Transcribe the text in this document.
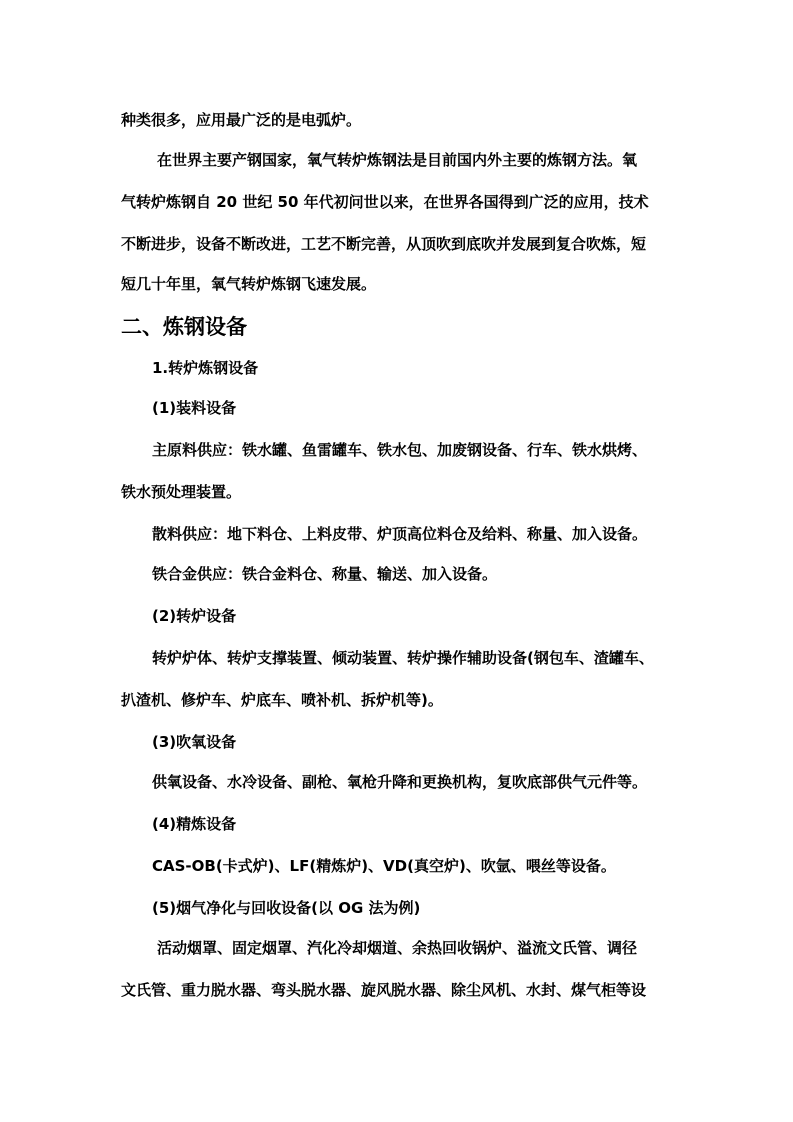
种类很多，应用最广泛的是电弧炉。
在世界主要产钢国家，氧气转炉炼钢法是目前国内外主要的炼钢方法。氧
气转炉炼钢自 20 世纪 50 年代初问世以来，在世界各国得到广泛的应用，技术
不断进步，设备不断改进，工艺不断完善，从顶吹到底吹并发展到复合吹炼，短
短几十年里，氧气转炉炼钢飞速发展。
二、炼钢设备
1.转炉炼钢设备
(1)装料设备
主原料供应：铁水罐、鱼雷罐车、铁水包、加废钢设备、行车、铁水烘烤、
铁水预处理装置。
散料供应：地下料仓、上料皮带、炉顶高位料仓及给料、称量、加入设备。
铁合金供应：铁合金料仓、称量、输送、加入设备。
(2)转炉设备
转炉炉体、转炉支撑装置、倾动装置、转炉操作辅助设备(钢包车、渣罐车、
扒渣机、修炉车、炉底车、喷补机、拆炉机等)。
(3)吹氧设备
供氧设备、水冷设备、副枪、氧枪升降和更换机构，复吹底部供气元件等。
(4)精炼设备
CAS-OB(卡式炉)、LF(精炼炉)、VD(真空炉)、吹氩、喂丝等设备。
(5)烟气净化与回收设备(以 OG 法为例)
活动烟罩、固定烟罩、汽化冷却烟道、余热回收锅炉、溢流文氏管、调径
文氏管、重力脱水器、弯头脱水器、旋风脱水器、除尘风机、水封、煤气柜等设
